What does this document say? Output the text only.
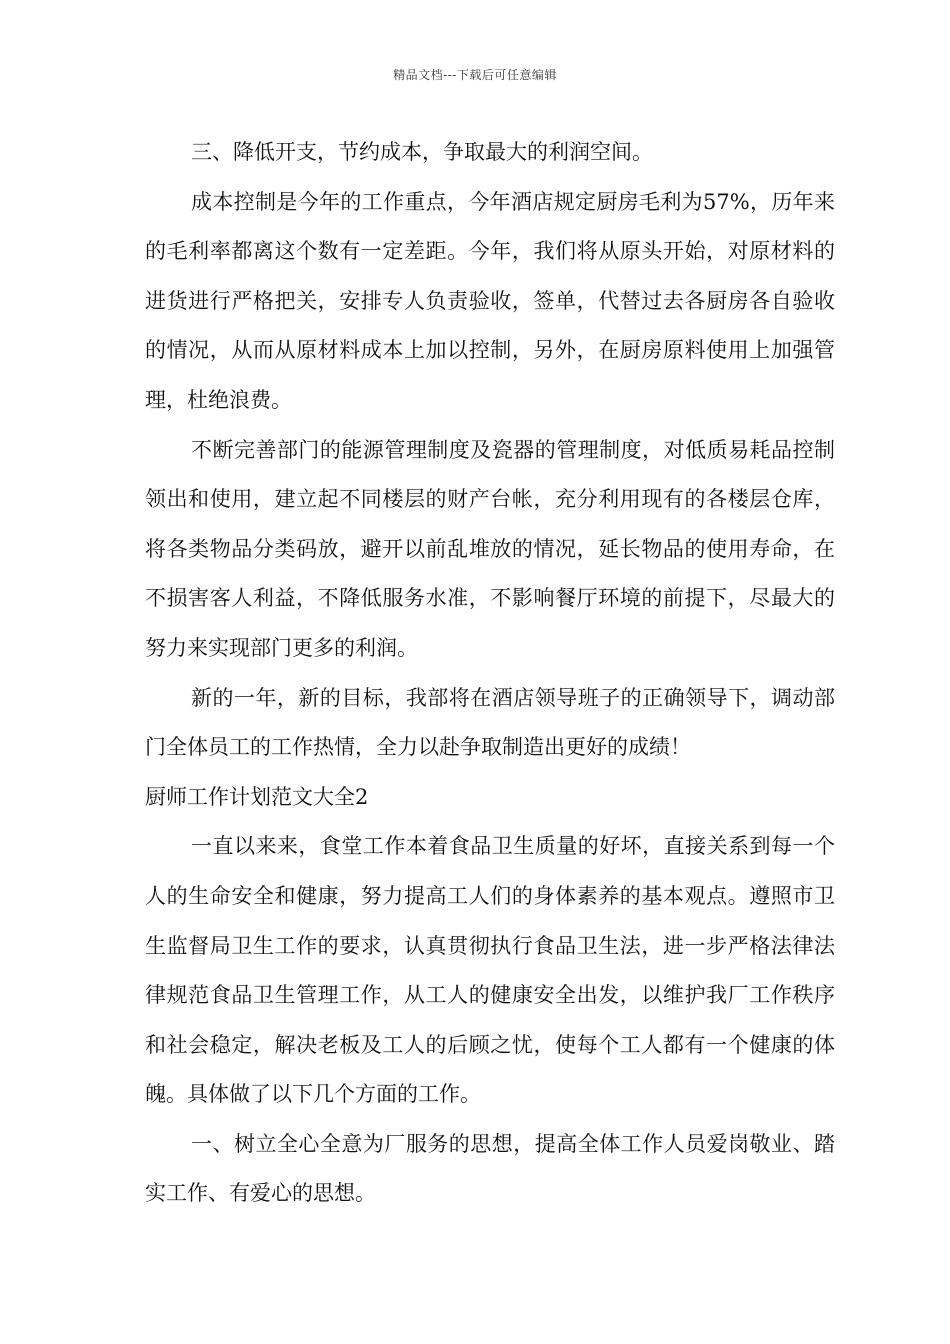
精品文档---下载后可任意编辑

三、降低开支，节约成本，争取最大的利润空间。

成本控制是今年的工作重点，今年酒店规定厨房毛利为57%，历年来的毛利率都离这个数有一定差距。今年，我们将从原头开始，对原材料的进货进行严格把关，安排专人负责验收，签单，代替过去各厨房各自验收的情况，从而从原材料成本上加以控制，另外，在厨房原料使用上加强管理，杜绝浪费。

不断完善部门的能源管理制度及瓷器的管理制度，对低质易耗品控制领出和使用，建立起不同楼层的财产台帐，充分利用现有的各楼层仓库，将各类物品分类码放，避开以前乱堆放的情况，延长物品的使用寿命，在不损害客人利益，不降低服务水准，不影响餐厅环境的前提下，尽最大的努力来实现部门更多的利润。

新的一年，新的目标，我部将在酒店领导班子的正确领导下，调动部门全体员工的工作热情，全力以赴争取制造出更好的成绩！

厨师工作计划范文大全2

一直以来来，食堂工作本着食品卫生质量的好坏，直接关系到每一个人的生命安全和健康，努力提高工人们的身体素养的基本观点。遵照市卫生监督局卫生工作的要求，认真贯彻执行食品卫生法，进一步严格法律法律规范食品卫生管理工作，从工人的健康安全出发，以维护我厂工作秩序和社会稳定，解决老板及工人的后顾之忧，使每个工人都有一个健康的体魄。具体做了以下几个方面的工作。

一、树立全心全意为厂服务的思想，提高全体工作人员爱岗敬业、踏实工作、有爱心的思想。
